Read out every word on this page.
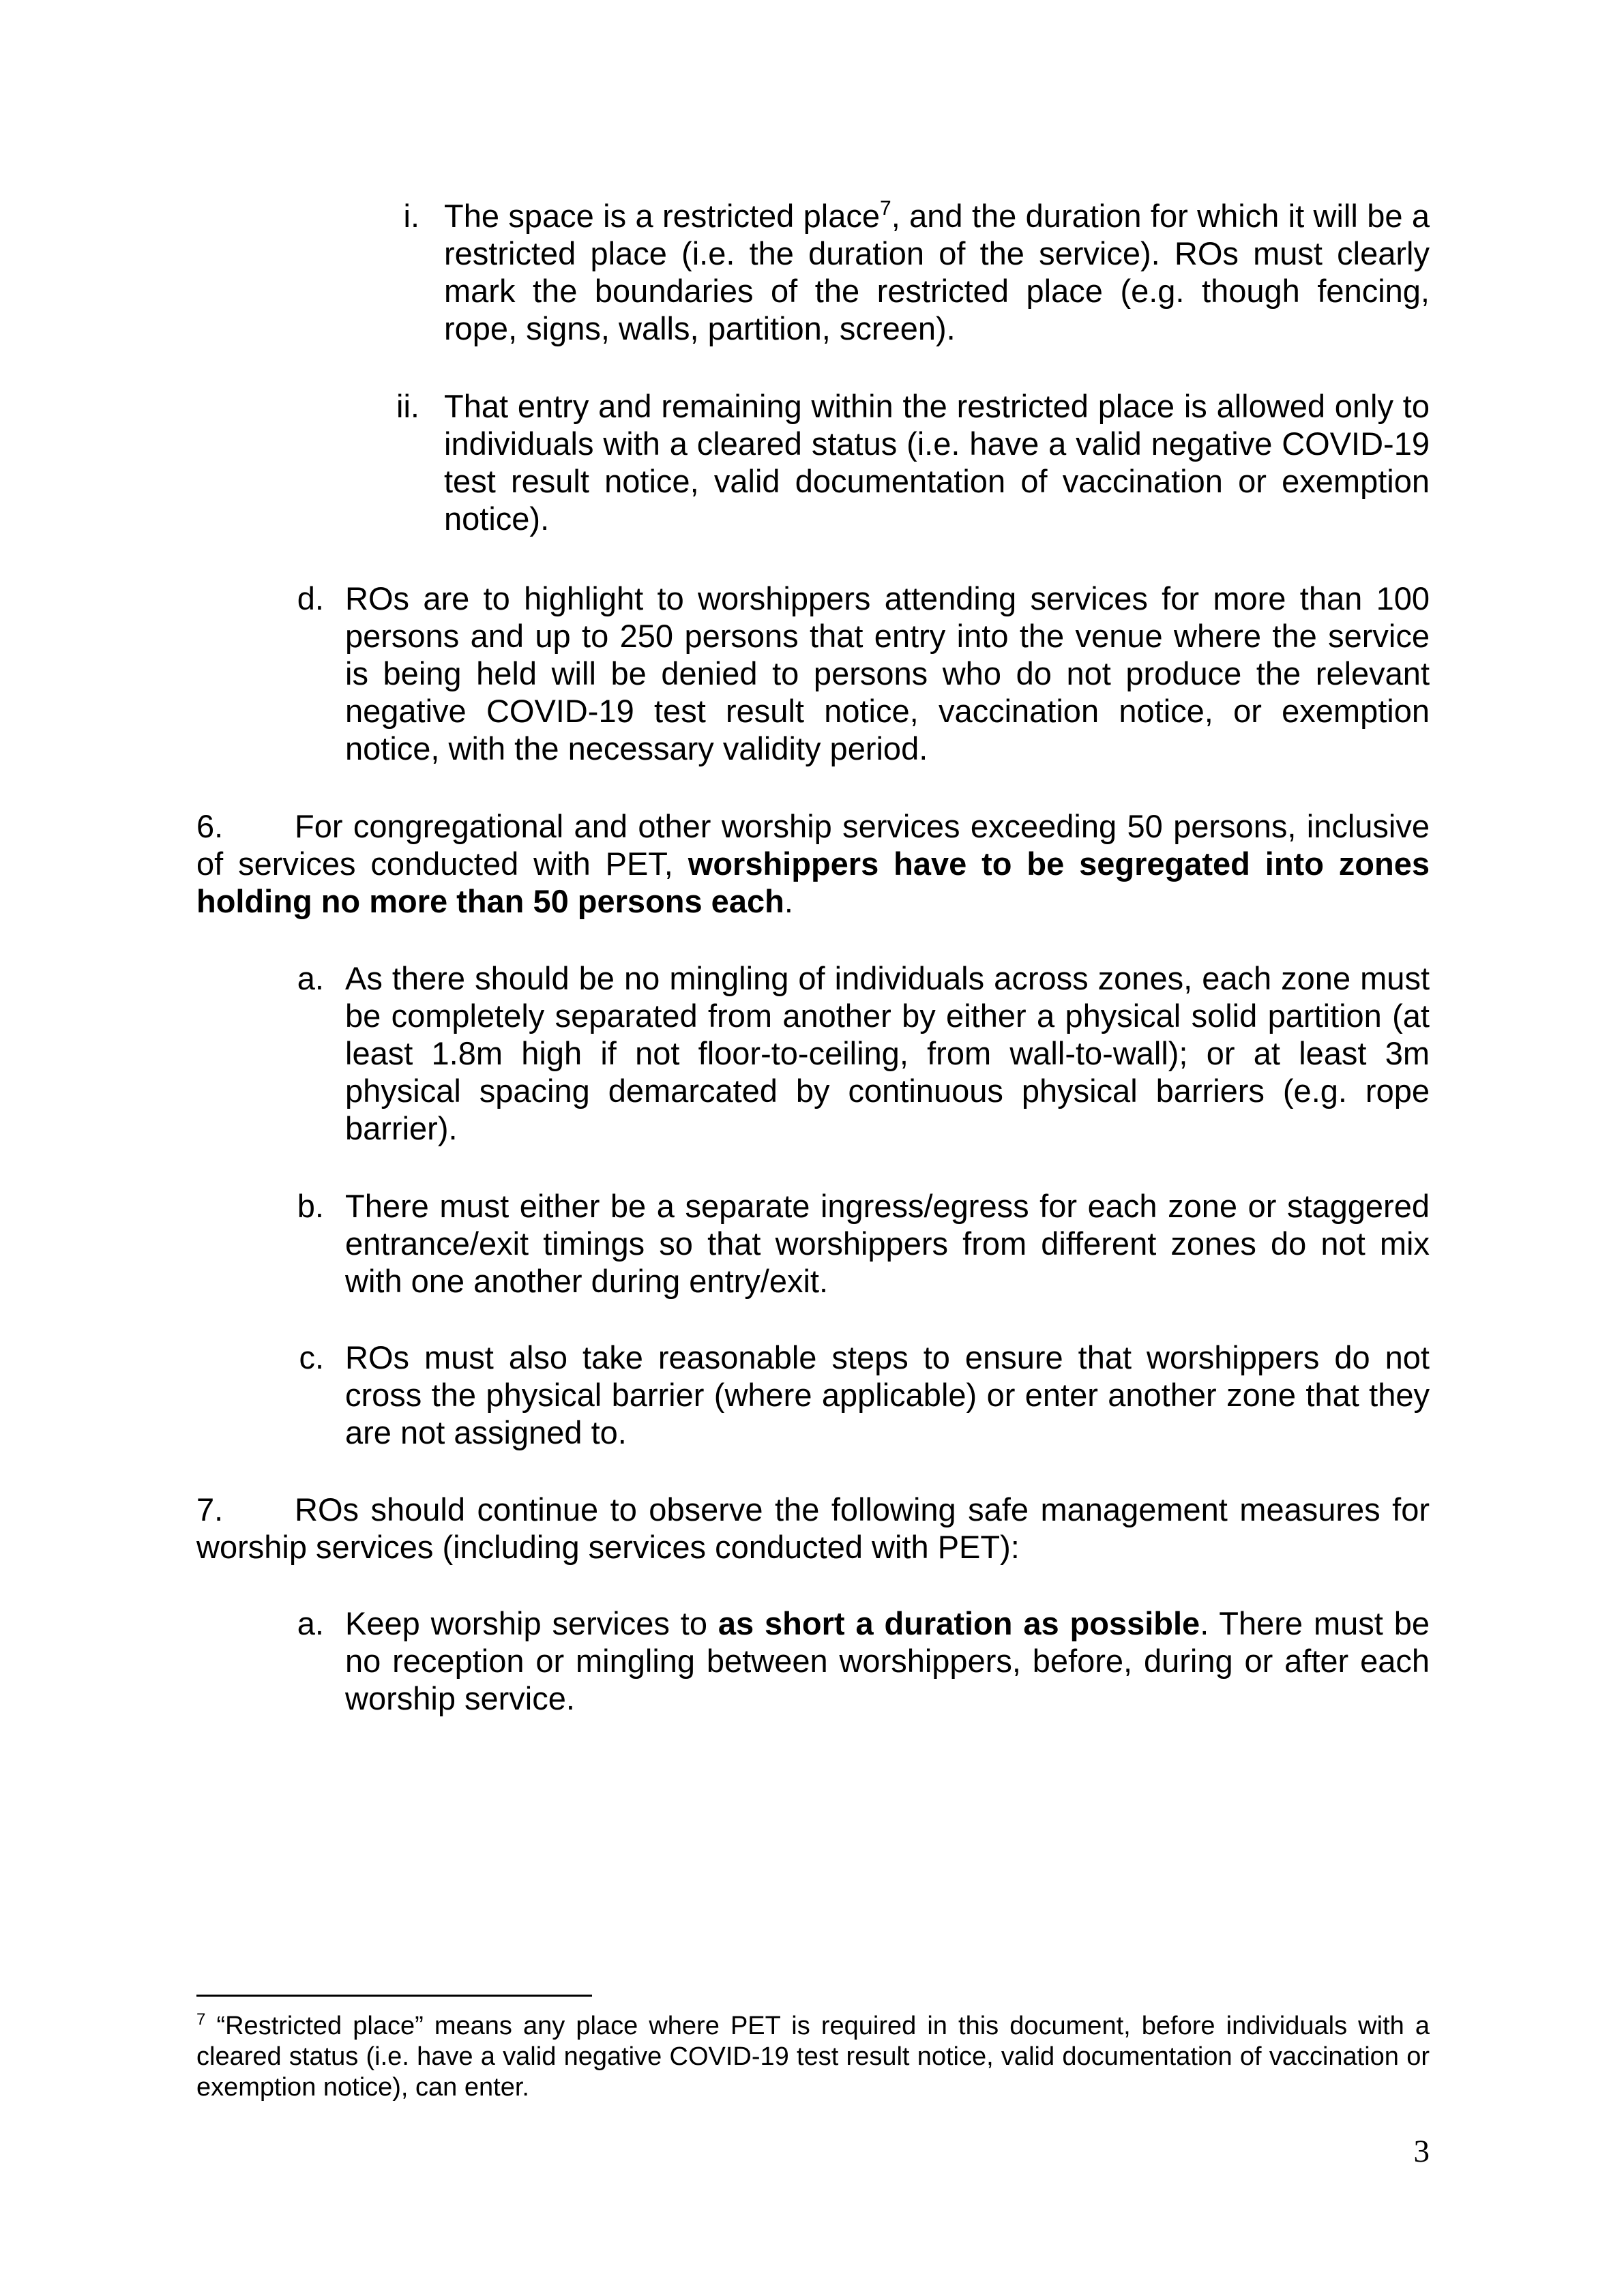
i. The space is a restricted place$^7$, and the duration for which it will be a restricted place (i.e. the duration of the service). ROs must clearly mark the boundaries of the restricted place (e.g. though fencing, rope, signs, walls, partition, screen).
ii. That entry and remaining within the restricted place is allowed only to individuals with a cleared status (i.e. have a valid negative COVID-19 test result notice, valid documentation of vaccination or exemption notice).
d. ROs are to highlight to worshippers attending services for more than 100 persons and up to 250 persons that entry into the venue where the service is being held will be denied to persons who do not produce the relevant negative COVID-19 test result notice, vaccination notice, or exemption notice, with the necessary validity period.
6. For congregational and other worship services exceeding 50 persons, inclusive of services conducted with PET, worshippers have to be segregated into zones holding no more than 50 persons each.
a. As there should be no mingling of individuals across zones, each zone must be completely separated from another by either a physical solid partition (at least 1.8m high if not floor-to-ceiling, from wall-to-wall); or at least 3m physical spacing demarcated by continuous physical barriers (e.g. rope barrier).
b. There must either be a separate ingress/egress for each zone or staggered entrance/exit timings so that worshippers from different zones do not mix with one another during entry/exit.
c. ROs must also take reasonable steps to ensure that worshippers do not cross the physical barrier (where applicable) or enter another zone that they are not assigned to.
7. ROs should continue to observe the following safe management measures for worship services (including services conducted with PET):
a. Keep worship services to as short a duration as possible. There must be no reception or mingling between worshippers, before, during or after each worship service.
$^7$ “Restricted place” means any place where PET is required in this document, before individuals with a cleared status (i.e. have a valid negative COVID-19 test result notice, valid documentation of vaccination or exemption notice), can enter.
3
